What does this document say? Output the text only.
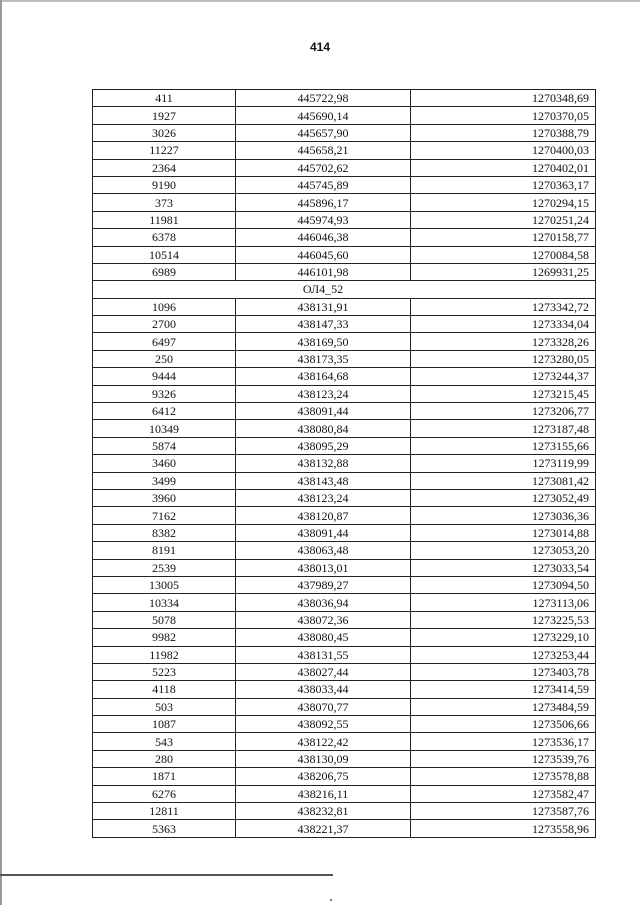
414
411	445722,98	1270348,69
1927	445690,14	1270370,05
3026	445657,90	1270388,79
11227	445658,21	1270400,03
2364	445702,62	1270402,01
9190	445745,89	1270363,17
373	445896,17	1270294,15
11981	445974,93	1270251,24
6378	446046,38	1270158,77
10514	446045,60	1270084,58
6989	446101,98	1269931,25
	ОЛ4_52	
1096	438131,91	1273342,72
2700	438147,33	1273334,04
6497	438169,50	1273328,26
250	438173,35	1273280,05
9444	438164,68	1273244,37
9326	438123,24	1273215,45
6412	438091,44	1273206,77
10349	438080,84	1273187,48
5874	438095,29	1273155,66
3460	438132,88	1273119,99
3499	438143,48	1273081,42
3960	438123,24	1273052,49
7162	438120,87	1273036,36
8382	438091,44	1273014,88
8191	438063,48	1273053,20
2539	438013,01	1273033,54
13005	437989,27	1273094,50
10334	438036,94	1273113,06
5078	438072,36	1273225,53
9982	438080,45	1273229,10
11982	438131,55	1273253,44
5223	438027,44	1273403,78
4118	438033,44	1273414,59
503	438070,77	1273484,59
1087	438092,55	1273506,66
543	438122,42	1273536,17
280	438130,09	1273539,76
1871	438206,75	1273578,88
6276	438216,11	1273582,47
12811	438232,81	1273587,76
5363	438221,37	1273558,96
